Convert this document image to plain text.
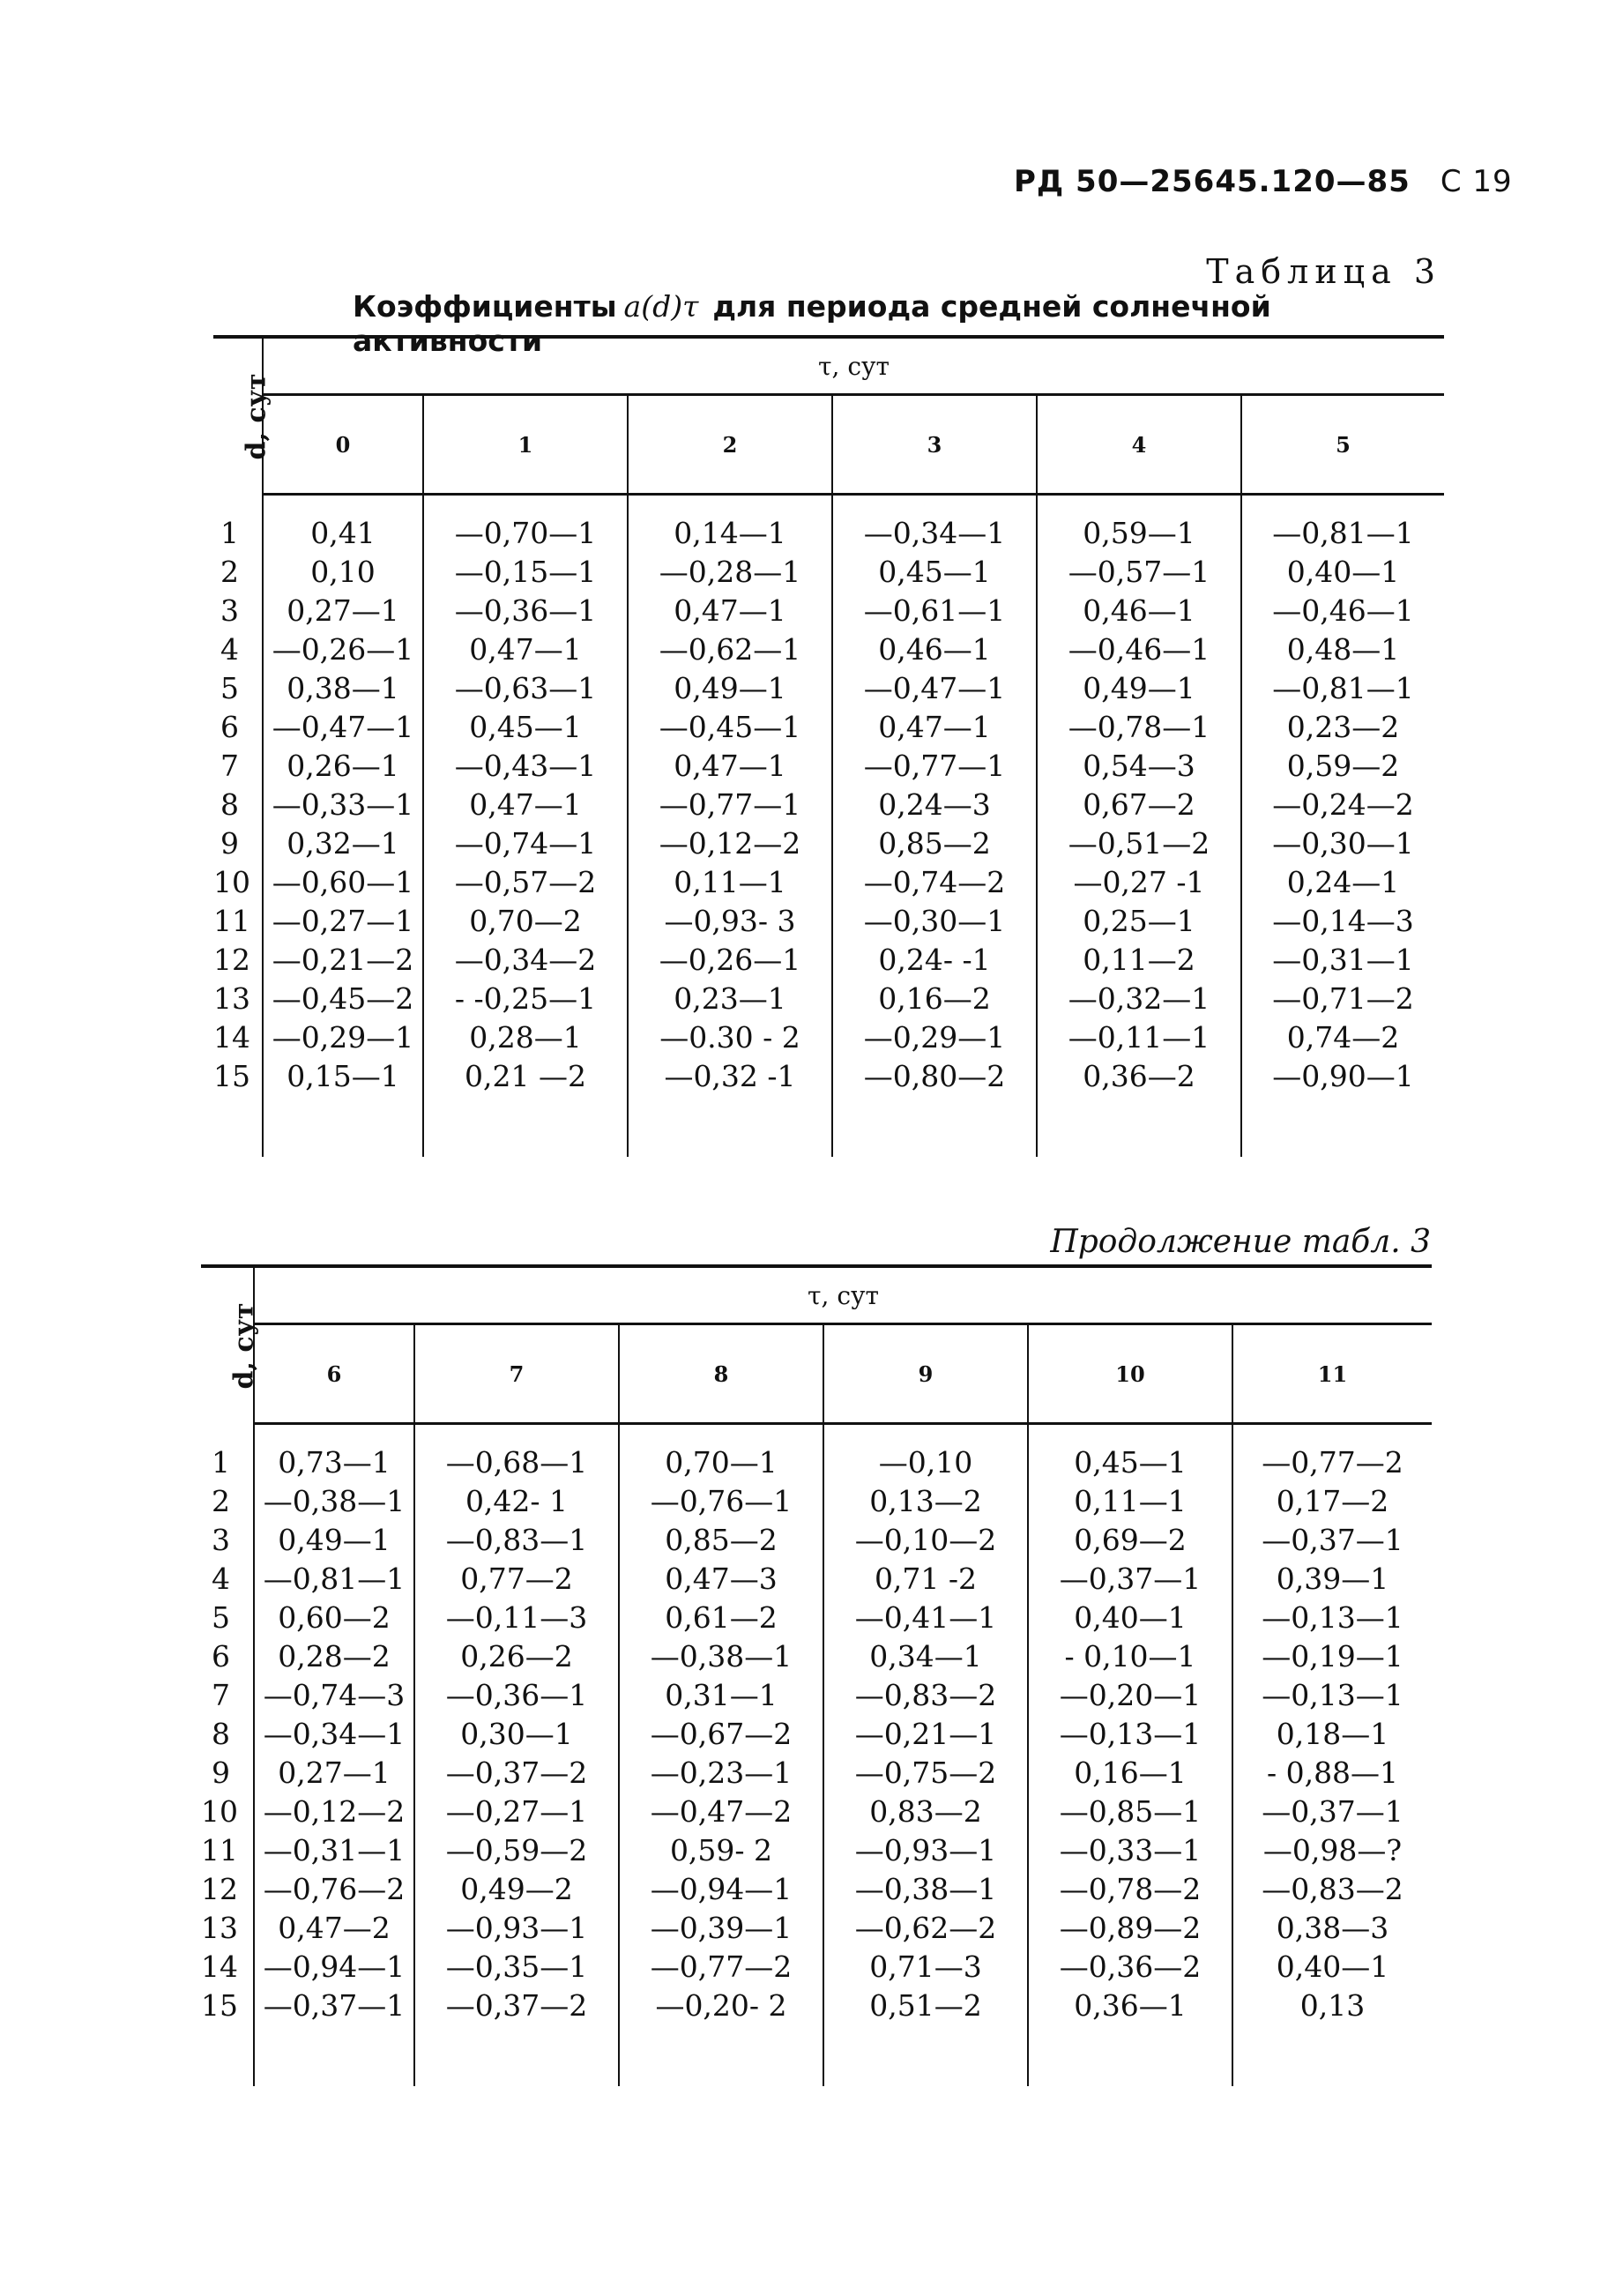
РД 50—25645.120—85 С 19
Таблица 3
Коэффициенты a(d)τ для периода средней солнечной активности
d, сут	τ, сут					
	0	1	2	3	4	5

1	0,41	—0,70—1	0,14—1	—0,34—1	0,59—1	—0,81—1
2	0,10	—0,15—1	—0,28—1	0,45—1	—0,57—1	0,40—1
3	0,27—1	—0,36—1	0,47—1	—0,61—1	0,46—1	—0,46—1
4	—0,26—1	0,47—1	—0,62—1	0,46—1	—0,46—1	0,48—1
5	0,38—1	—0,63—1	0,49—1	—0,47—1	0,49—1	—0,81—1
6	—0,47—1	0,45—1	—0,45—1	0,47—1	—0,78—1	0,23—2
7	0,26—1	—0,43—1	0,47—1	—0,77—1	0,54—3	0,59—2
8	—0,33—1	0,47—1	—0,77—1	0,24—3	0,67—2	—0,24—2
9	0,32—1	—0,74—1	—0,12—2	0,85—2	—0,51—2	—0,30—1
10	—0,60—1	—0,57—2	0,11—1	—0,74—2	—0,27 -1	0,24—1
11	—0,27—1	0,70—2	—0,93- 3	—0,30—1	0,25—1	—0,14—3
12	—0,21—2	—0,34—2	—0,26—1	0,24- -1	0,11—2	—0,31—1
13	—0,45—2	- -0,25—1	0,23—1	0,16—2	—0,32—1	—0,71—2
14	—0,29—1	0,28—1	—0.30 - 2	—0,29—1	—0,11—1	0,74—2
15	0,15—1	0,21 —2	—0,32 -1	—0,80—2	0,36—2	—0,90—1

Продолжение табл. 3
d, сут	τ, сут					
	6	7	8	9	10	11

1	0,73—1	—0,68—1	0,70—1	—0,10	0,45—1	—0,77—2
2	—0,38—1	0,42- 1	—0,76—1	0,13—2	0,11—1	0,17—2
3	0,49—1	—0,83—1	0,85—2	—0,10—2	0,69—2	—0,37—1
4	—0,81—1	0,77—2	0,47—3	0,71 -2	—0,37—1	0,39—1
5	0,60—2	—0,11—3	0,61—2	—0,41—1	0,40—1	—0,13—1
6	0,28—2	0,26—2	—0,38—1	0,34—1	- 0,10—1	—0,19—1
7	—0,74—3	—0,36—1	0,31—1	—0,83—2	—0,20—1	—0,13—1
8	—0,34—1	0,30—1	—0,67—2	—0,21—1	—0,13—1	0,18—1
9	0,27—1	—0,37—2	—0,23—1	—0,75—2	0,16—1	- 0,88—1
10	—0,12—2	—0,27—1	—0,47—2	0,83—2	—0,85—1	—0,37—1
11	—0,31—1	—0,59—2	0,59- 2	—0,93—1	—0,33—1	—0,98—?
12	—0,76—2	0,49—2	—0,94—1	—0,38—1	—0,78—2	—0,83—2
13	0,47—2	—0,93—1	—0,39—1	—0,62—2	—0,89—2	0,38—3
14	—0,94—1	—0,35—1	—0,77—2	0,71—3	—0,36—2	0,40—1
15	—0,37—1	—0,37—2	—0,20- 2	0,51—2	0,36—1	0,13
